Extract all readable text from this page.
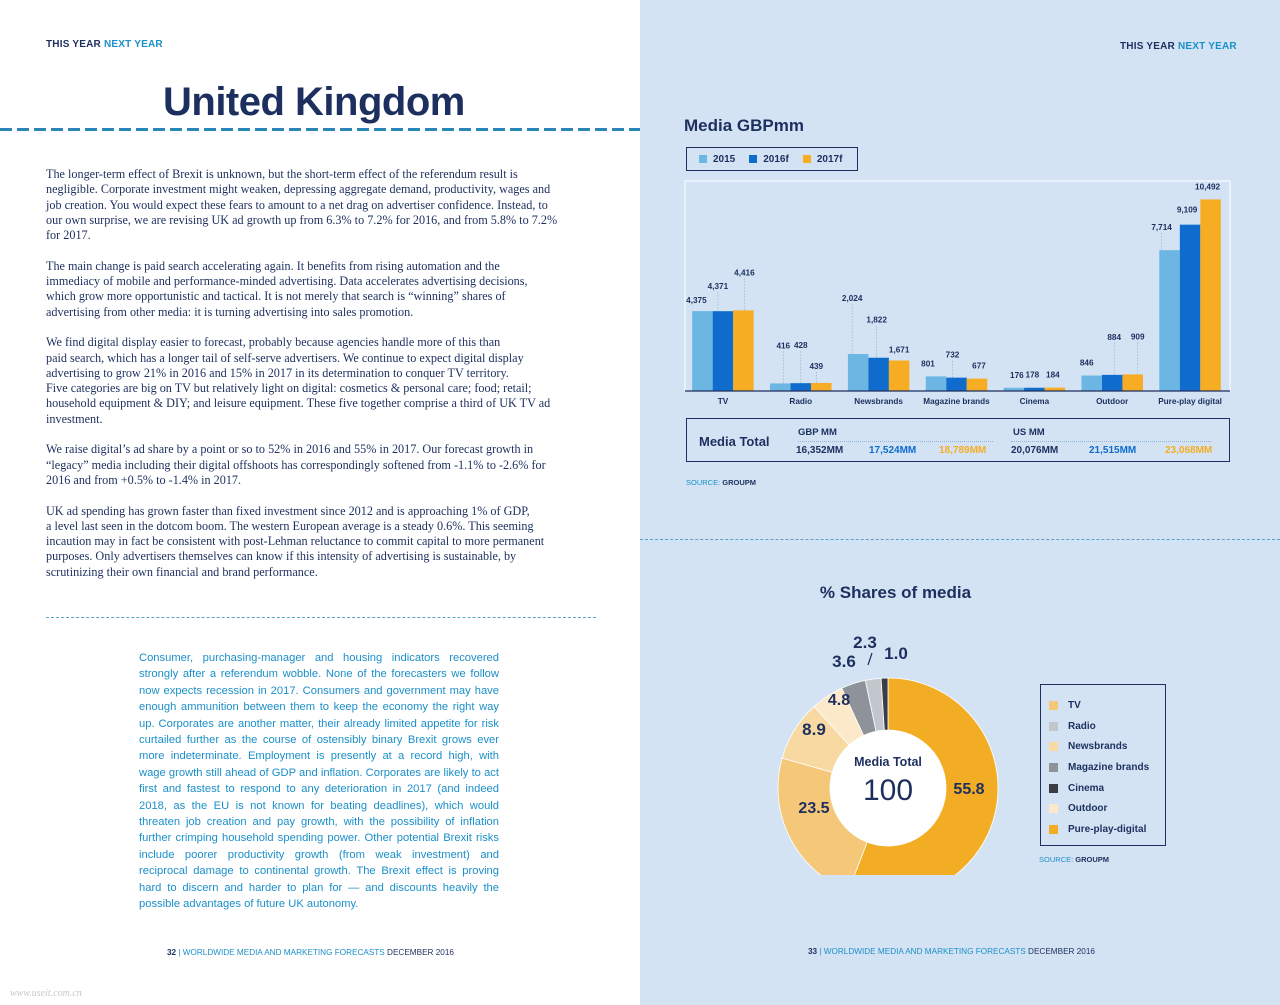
THIS YEAR NEXT YEAR
United Kingdom

The longer-term effect of Brexit is unknown, but the short-term effect of the referendum result is
negligible. Corporate investment might weaken, depressing aggregate demand, productivity, wages and
job creation. You would expect these fears to amount to a net drag on advertiser confidence. Instead, to
our own surprise, we are revising UK ad growth up from 6.3% to 7.2% for 2016, and from 5.8% to 7.2%
for 2017.

The main change is paid search accelerating again. It benefits from rising automation and the
immediacy of mobile and performance-minded advertising. Data accelerates advertising decisions,
which grow more opportunistic and tactical. It is not merely that search is “winning” shares of
advertising from other media: it is turning advertising into sales promotion.

We find digital display easier to forecast, probably because agencies handle more of this than
paid search, which has a longer tail of self-serve advertisers. We continue to expect digital display
advertising to grow 21% in 2016 and 15% in 2017 in its determination to conquer TV territory.
Five categories are big on TV but relatively light on digital: cosmetics & personal care; food; retail;
household equipment & DIY; and leisure equipment. These five together comprise a third of UK TV ad
investment.

We raise digital’s ad share by a point or so to 52% in 2016 and 55% in 2017. Our forecast growth in
“legacy” media including their digital offshoots has correspondingly softened from -1.1% to -2.6% for
2016 and from +0.5% to -1.4% in 2017.

UK ad spending has grown faster than fixed investment since 2012 and is approaching 1% of GDP,
a level last seen in the dotcom boom. The western European average is a steady 0.6%. This seeming
incaution may in fact be consistent with post-Lehman reluctance to commit capital to more permanent
purposes. Only advertisers themselves can know if this intensity of advertising is sustainable, by
scrutinizing their own financial and brand performance.

Consumer, purchasing-manager and housing indicators recovered strongly after a referendum wobble. None of the forecasters we follow now expects recession in 2017. Consumers and government may have enough ammunition between them to keep the economy the right way up. Corporates are another matter, their already limited appetite for risk curtailed further as the course of ostensibly binary Brexit grows ever more indeterminate. Employment is presently at a record high, with wage growth still ahead of GDP and inflation. Corporates are likely to act first and fastest to respond to any deterioration in 2017 (and indeed 2018, as the EU is not known for beating deadlines), which would threaten job creation and pay growth, with the possibility of inflation further crimping household spending power. Other potential Brexit risks include poorer productivity growth (from weak investment) and reciprocal damage to continental growth. The Brexit effect is proving hard to discern and harder to plan for — and discounts heavily the possible advantages of future UK autonomy.
32 | WORLDWIDE MEDIA AND MARKETING FORECASTS DECEMBER 2016
www.useit.com.cn
THIS YEAR NEXT YEAR
Media GBPmm
2015	2016f	2017f
4,375
4,371
4,416
TV
416 428
439
Radio
2,024
1,822
1,671
Newsbrands
801
732
677
Magazine brands
176 178 184
Cinema
846
884 909
Outdoor
7,714
9,109
10,492
Pure-play digital
Media Total
GBP MM
16,352MM	17,524MM 18,789MM
US MM
20,076MM	21,515MM	23,068MM
SOURCE: GROUPM
% Shares of media
Media Total
100	55.8
23.5
8.9
4.8
3.6
2.3
1.0
TV
Radio
Newsbrands
Magazine brands
Cinema
Outdoor
Pure-play-digital
SOURCE: GROUPM
33 | WORLDWIDE MEDIA AND MARKETING FORECASTS DECEMBER 2016
